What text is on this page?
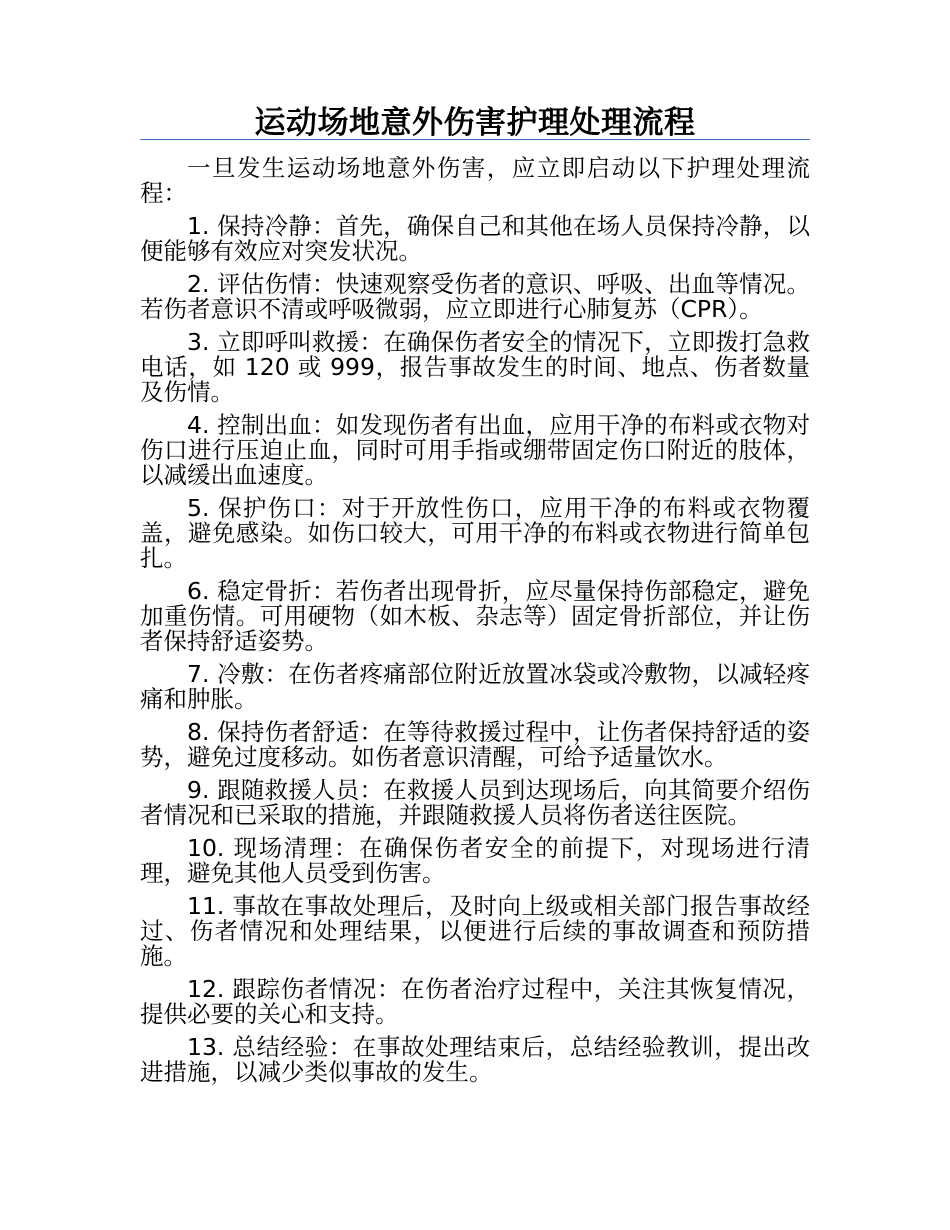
运动场地意外伤害护理处理流程

一旦发生运动场地意外伤害，应立即启动以下护理处理流程：

1. 保持冷静：首先，确保自己和其他在场人员保持冷静，以便能够有效应对突发状况。

2. 评估伤情：快速观察受伤者的意识、呼吸、出血等情况。若伤者意识不清或呼吸微弱，应立即进行心肺复苏（CPR）。

3. 立即呼叫救援：在确保伤者安全的情况下，立即拨打急救电话，如 120 或 999，报告事故发生的时间、地点、伤者数量及伤情。

4. 控制出血：如发现伤者有出血，应用干净的布料或衣物对伤口进行压迫止血，同时可用手指或绷带固定伤口附近的肢体，以减缓出血速度。

5. 保护伤口：对于开放性伤口，应用干净的布料或衣物覆盖，避免感染。如伤口较大，可用干净的布料或衣物进行简单包扎。

6. 稳定骨折：若伤者出现骨折，应尽量保持伤部稳定，避免加重伤情。可用硬物（如木板、杂志等）固定骨折部位，并让伤者保持舒适姿势。

7. 冷敷：在伤者疼痛部位附近放置冰袋或冷敷物，以减轻疼痛和肿胀。

8. 保持伤者舒适：在等待救援过程中，让伤者保持舒适的姿势，避免过度移动。如伤者意识清醒，可给予适量饮水。

9. 跟随救援人员：在救援人员到达现场后，向其简要介绍伤者情况和已采取的措施，并跟随救援人员将伤者送往医院。

10. 现场清理：在确保伤者安全的前提下，对现场进行清理，避免其他人员受到伤害。

11. 事故在事故处理后，及时向上级或相关部门报告事故经过、伤者情况和处理结果，以便进行后续的事故调查和预防措施。

12. 跟踪伤者情况：在伤者治疗过程中，关注其恢复情况，提供必要的关心和支持。

13. 总结经验：在事故处理结束后，总结经验教训，提出改进措施，以减少类似事故的发生。
